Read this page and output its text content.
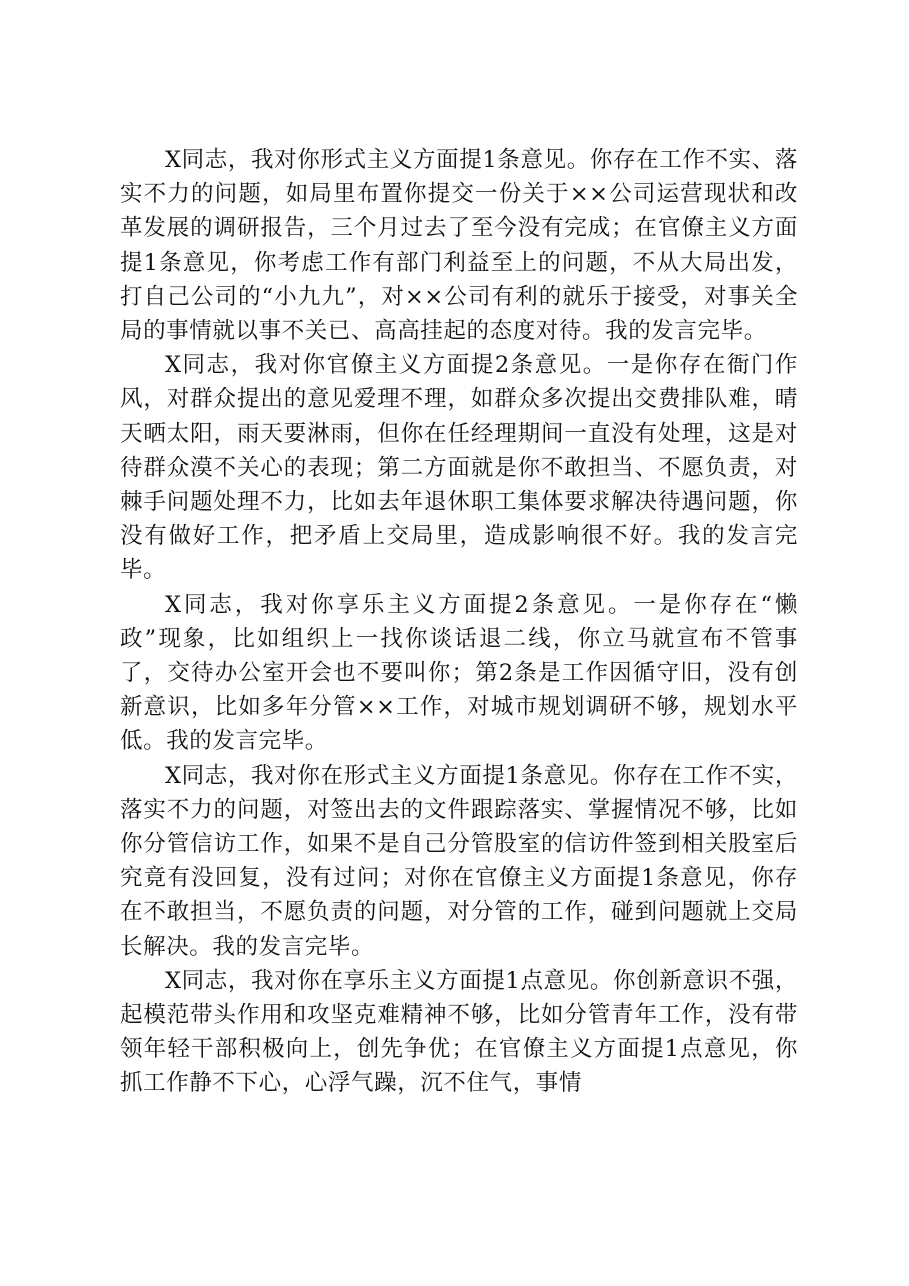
X同志，我对你形式主义方面提1条意见。你存在工作不实、落实不力的问题，如局里布置你提交一份关于××公司运营现状和改革发展的调研报告，三个月过去了至今没有完成；在官僚主义方面提1条意见，你考虑工作有部门利益至上的问题，不从大局出发，打自己公司的“小九九”，对××公司有利的就乐于接受，对事关全局的事情就以事不关已、高高挂起的态度对待。我的发言完毕。

X同志，我对你官僚主义方面提2条意见。一是你存在衙门作风，对群众提出的意见爱理不理，如群众多次提出交费排队难，晴天晒太阳，雨天要淋雨，但你在任经理期间一直没有处理，这是对待群众漠不关心的表现；第二方面就是你不敢担当、不愿负责，对棘手问题处理不力，比如去年退休职工集体要求解决待遇问题，你没有做好工作，把矛盾上交局里，造成影响很不好。我的发言完毕。

X同志，我对你享乐主义方面提2条意见。一是你存在“懒政”现象，比如组织上一找你谈话退二线，你立马就宣布不管事了，交待办公室开会也不要叫你；第2条是工作因循守旧，没有创新意识，比如多年分管××工作，对城市规划调研不够，规划水平低。我的发言完毕。

X同志，我对你在形式主义方面提1条意见。你存在工作不实，落实不力的问题，对签出去的文件跟踪落实、掌握情况不够，比如你分管信访工作，如果不是自己分管股室的信访件签到相关股室后究竟有没回复，没有过问；对你在官僚主义方面提1条意见，你存在不敢担当，不愿负责的问题，对分管的工作，碰到问题就上交局长解决。我的发言完毕。

X同志，我对你在享乐主义方面提1点意见。你创新意识不强，起模范带头作用和攻坚克难精神不够，比如分管青年工作，没有带领年轻干部积极向上，创先争优；在官僚主义方面提1点意见，你抓工作静不下心，心浮气躁，沉不住气，事情
